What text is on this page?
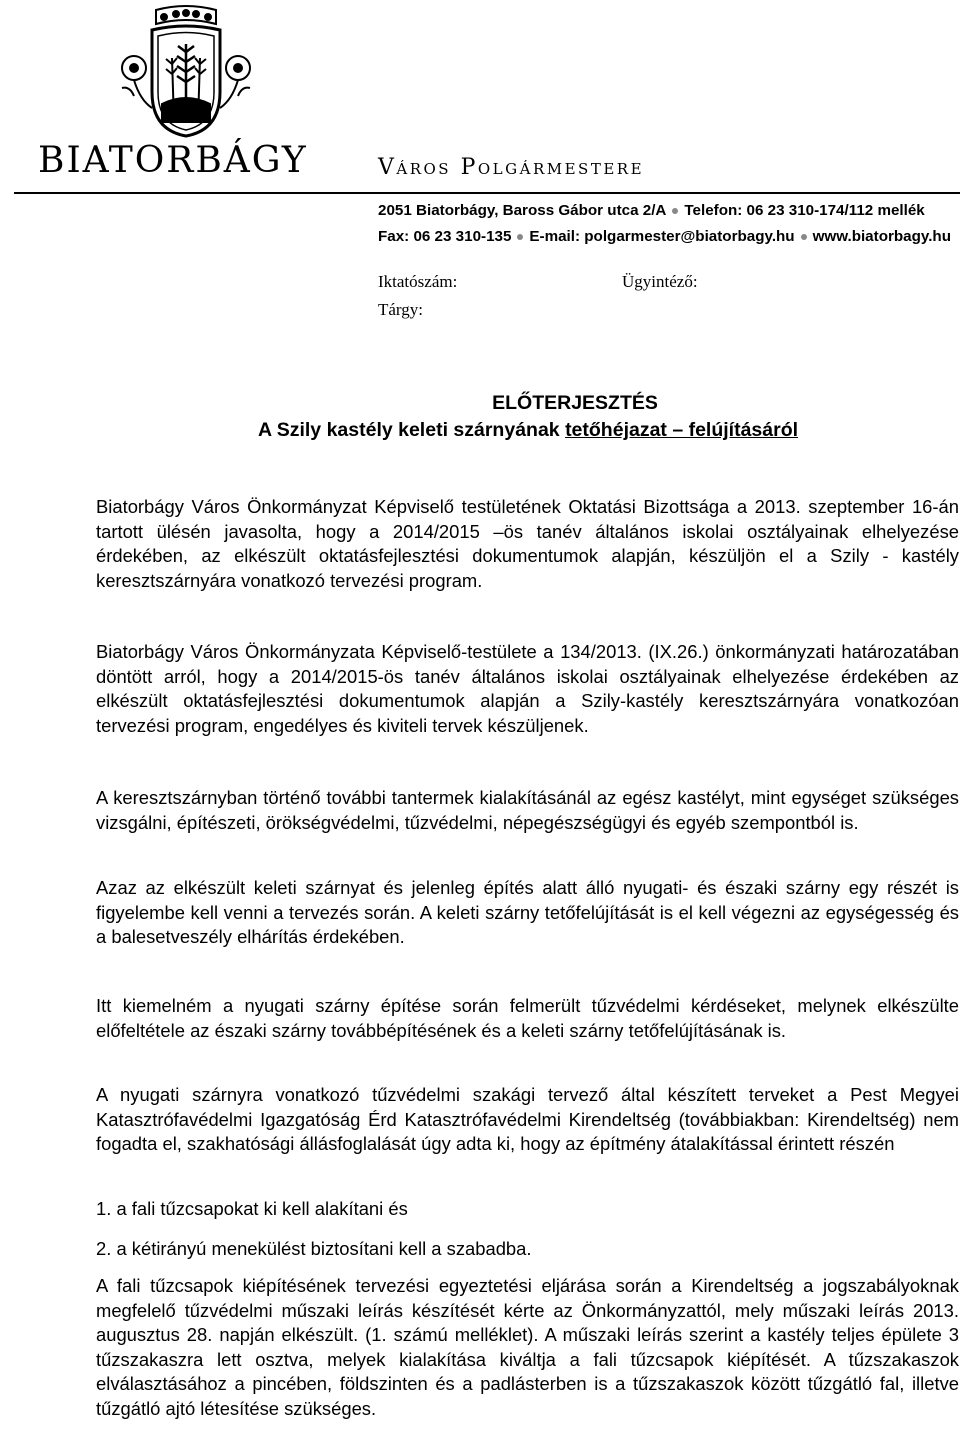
BIATORBÁGY	Város Polgármestere
2051 Biatorbágy, Baross Gábor utca 2/A Telefon: 06 23 310-174/112 mellék
Fax: 06 23 310-135 E-mail: polgarmester@biatorbagy.hu www.biatorbagy.hu
Iktatószám:	Ügyintéző:
Tárgy:
ELŐTERJESZTÉS
A Szily kastély keleti szárnyának tetőhéjazat – felújításáról

Biatorbágy Város Önkormányzat Képviselő testületének Oktatási Bizottsága a 2013. szeptember 16-án tartott ülésén javasolta, hogy a 2014/2015 –ös tanév általános iskolai osztályainak elhelyezése érdekében, az elkészült oktatásfejlesztési dokumentumok alapján, készüljön el a Szily - kastély keresztszárnyára vonatkozó tervezési program.

Biatorbágy Város Önkormányzata Képviselő-testülete a 134/2013. (IX.26.) önkormányzati határozatában döntött arról, hogy a 2014/2015-ös tanév általános iskolai osztályainak elhelyezése érdekében az elkészült oktatásfejlesztési dokumentumok alapján a Szily-kastély keresztszárnyára vonatkozóan tervezési program, engedélyes és kiviteli tervek készüljenek.

A keresztszárnyban történő további tantermek kialakításánál az egész kastélyt, mint egységet szükséges vizsgálni, építészeti, örökségvédelmi, tűzvédelmi, népegészségügyi és egyéb szempontból is.

Azaz az elkészült keleti szárnyat és jelenleg építés alatt álló nyugati- és északi szárny egy részét is figyelembe kell venni a tervezés során. A keleti szárny tetőfelújítását is el kell végezni az egységesség és a balesetveszély elhárítás érdekében.

Itt kiemelném a nyugati szárny építése során felmerült tűzvédelmi kérdéseket, melynek elkészülte előfeltétele az északi szárny továbbépítésének és a keleti szárny tetőfelújításának is.

A nyugati szárnyra vonatkozó tűzvédelmi szakági tervező által készített terveket a Pest Megyei Katasztrófavédelmi Igazgatóság Érd Katasztrófavédelmi Kirendeltség (továbbiakban: Kirendeltség) nem fogadta el, szakhatósági állásfoglalását úgy adta ki, hogy az építmény átalakítással érintett részén

1. a fali tűzcsapokat ki kell alakítani és

2. a kétirányú menekülést biztosítani kell a szabadba.

A fali tűzcsapok kiépítésének tervezési egyeztetési eljárása során a Kirendeltség a jogszabályoknak megfelelő tűzvédelmi műszaki leírás készítését kérte az Önkormányzattól, mely műszaki leírás 2013. augusztus 28. napján elkészült. (1. számú melléklet). A műszaki leírás szerint a kastély teljes épülete 3 tűzszakaszra lett osztva, melyek kialakítása kiváltja a fali tűzcsapok kiépítését. A tűzszakaszok elválasztásához a pincében, földszinten és a padlásterben is a tűzszakaszok között tűzgátló fal, illetve tűzgátló ajtó létesítése szükséges.
